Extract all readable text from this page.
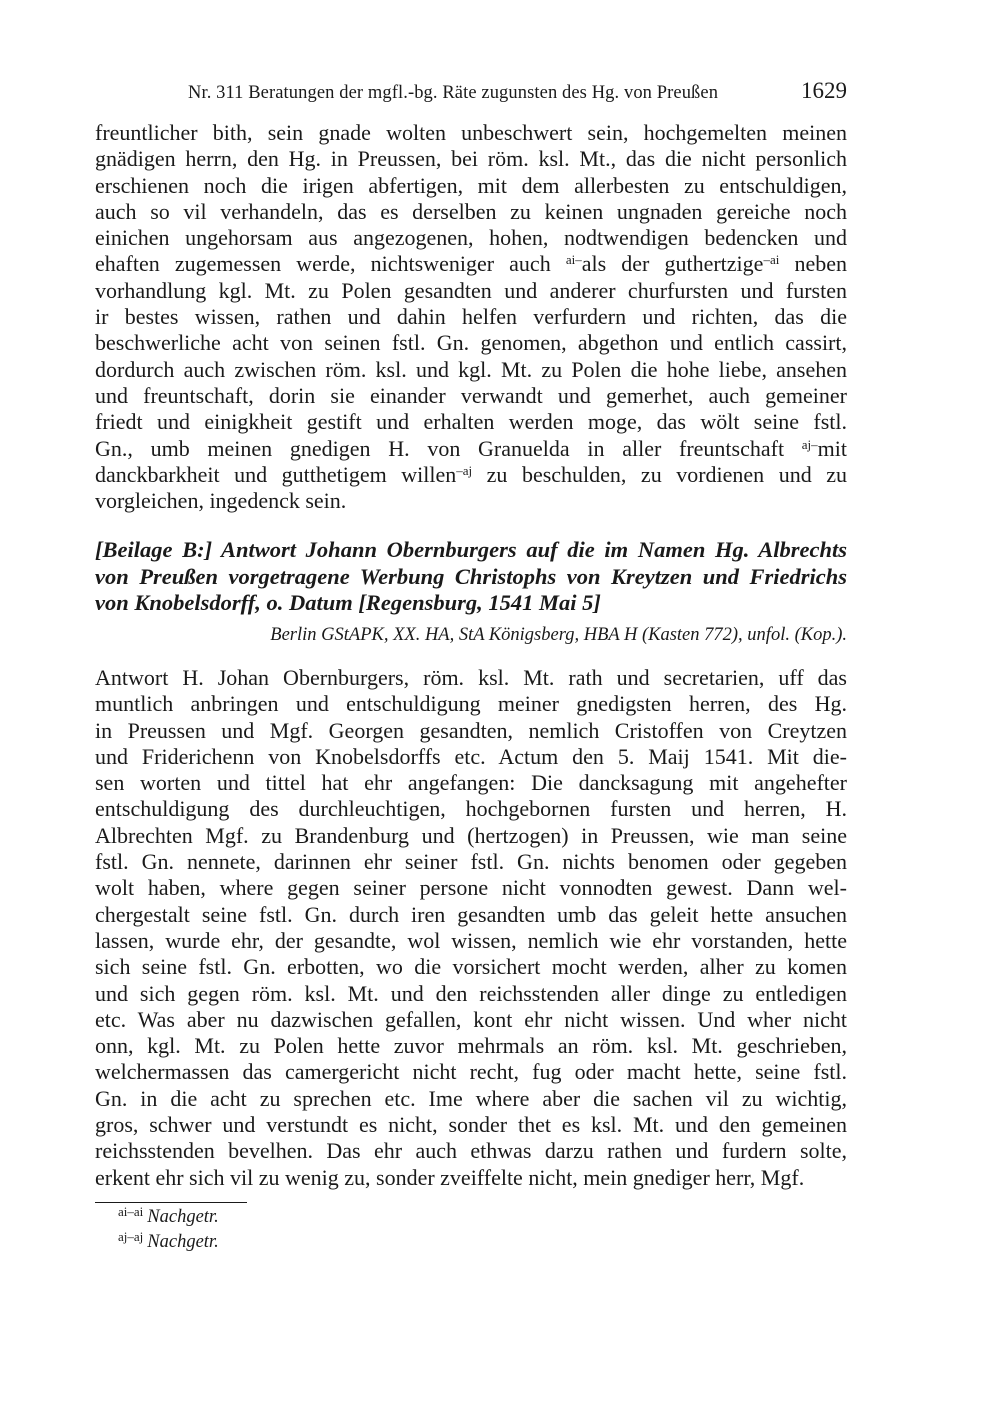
Nr. 311 Beratungen der mgfl.-bg. Räte zugunsten des Hg. von Preußen	1629
freuntlicher bith, sein gnade wolten unbeschwert sein, hochgemelten meinen
gnädigen herrn, den Hg. in Preussen, bei röm. ksl. Mt., das die nicht personlich
erschienen noch die irigen abfertigen, mit dem allerbesten zu entschuldigen,
auch so vil verhandeln, das es derselben zu keinen ungnaden gereiche noch
einichen ungehorsam aus angezogenen, hohen, nodtwendigen bedencken und
ehaften zugemessen werde, nichtsweniger auch $^{ai-}$als der guthertzige$^{-ai}$ neben
vorhandlung kgl. Mt. zu Polen gesandten und anderer churfursten und fursten
ir bestes wissen, rathen und dahin helfen verfurdern und richten, das die
beschwerliche acht von seinen fstl. Gn. genomen, abgethon und entlich cassirt,
dordurch auch zwischen röm. ksl. und kgl. Mt. zu Polen die hohe liebe, ansehen
und freuntschaft, dorin sie einander verwandt und gemerhet, auch gemeiner
friedt und einigkheit gestift und erhalten werden moge, das wölt seine fstl.
Gn., umb meinen gnedigen H. von Granuelda in aller freuntschaft $^{aj-}$mit
danckbarkheit und gutthetigem willen$^{-aj}$ zu beschulden, zu vordienen und zu
vorgleichen, ingedenck sein.
[Beilage B:] Antwort Johann Obernburgers auf die im Namen Hg. Albrechts
von Preußen vorgetragene Werbung Christophs von Kreytzen und Friedrichs
von Knobelsdorff, o. Datum [Regensburg, 1541 Mai 5]
Berlin GStAPK, XX. HA, StA Königsberg, HBA H (Kasten 772), unfol. (Kop.).
Antwort H. Johan Obernburgers, röm. ksl. Mt. rath und secretarien, uff das
muntlich anbringen und entschuldigung meiner gnedigsten herren, des Hg.
in Preussen und Mgf. Georgen gesandten, nemlich Cristoffen von Creytzen
und Friderichenn von Knobelsdorffs etc. Actum den 5. Maij 1541. Mit die-
sen worten und tittel hat ehr angefangen: Die dancksagung mit angehefter
entschuldigung des durchleuchtigen, hochgebornen fursten und herren, H.
Albrechten Mgf. zu Brandenburg und (hertzogen) in Preussen, wie man seine
fstl. Gn. nennete, darinnen ehr seiner fstl. Gn. nichts benomen oder gegeben
wolt haben, where gegen seiner persone nicht vonnodten gewest. Dann wel-
chergestalt seine fstl. Gn. durch iren gesandten umb das geleit hette ansuchen
lassen, wurde ehr, der gesandte, wol wissen, nemlich wie ehr vorstanden, hette
sich seine fstl. Gn. erbotten, wo die vorsichert mocht werden, alher zu komen
und sich gegen röm. ksl. Mt. und den reichsstenden aller dinge zu entledigen
etc. Was aber nu dazwischen gefallen, kont ehr nicht wissen. Und wher nicht
onn, kgl. Mt. zu Polen hette zuvor mehrmals an röm. ksl. Mt. geschrieben,
welchermassen das camergericht nicht recht, fug oder macht hette, seine fstl.
Gn. in die acht zu sprechen etc. Ime where aber die sachen vil zu wichtig,
gros, schwer und verstundt es nicht, sonder thet es ksl. Mt. und den gemeinen
reichsstenden bevelhen. Das ehr auch ethwas darzu rathen und furdern solte,
erkent ehr sich vil zu wenig zu, sonder zveiffelte nicht, mein gnediger herr, Mgf.
$^{ai-ai}$ Nachgetr.
$^{aj-aj}$ Nachgetr.
